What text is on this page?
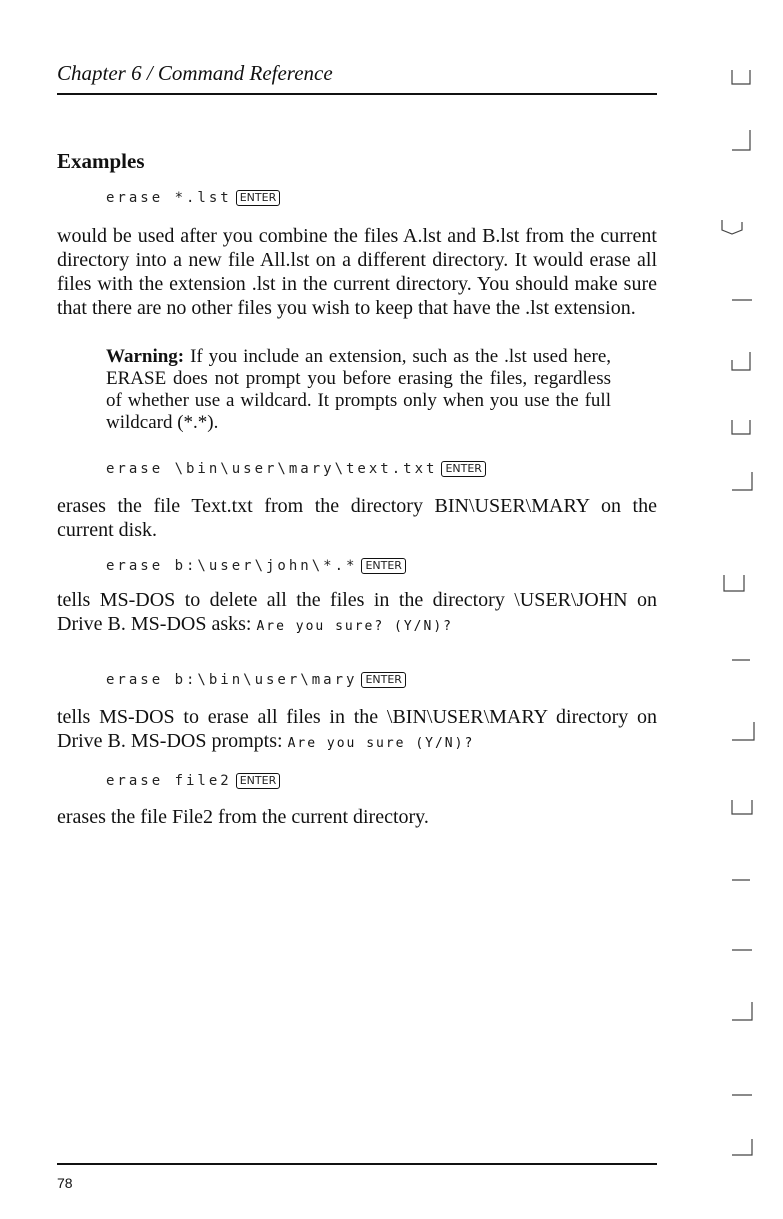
Chapter 6 / Command Reference
Examples
erase *.lst ENTER

would be used after you combine the files A.lst and B.lst from the current directory into a new file All.lst on a different directory. It would erase all files with the extension .lst in the current directory. You should make sure that there are no other files you wish to keep that have the .lst extension.

Warning: If you include an extension, such as the .lst used here, ERASE does not prompt you before erasing the files, regardless of whether use a wildcard. It prompts only when you use the full wildcard (*.*).

erase \bin\user\mary\text.txt ENTER

erases the file Text.txt from the directory BIN\USER\MARY on the current disk.

erase b:\user\john\*.* ENTER

tells MS-DOS to delete all the files in the directory \USER\JOHN on Drive B. MS-DOS asks: Are you sure? (Y/N)?

erase b:\bin\user\mary ENTER

tells MS-DOS to erase all files in the \BIN\USER\MARY directory on Drive B. MS-DOS prompts: Are you sure (Y/N)?

erase file2 ENTER

erases the file File2 from the current directory.

78
